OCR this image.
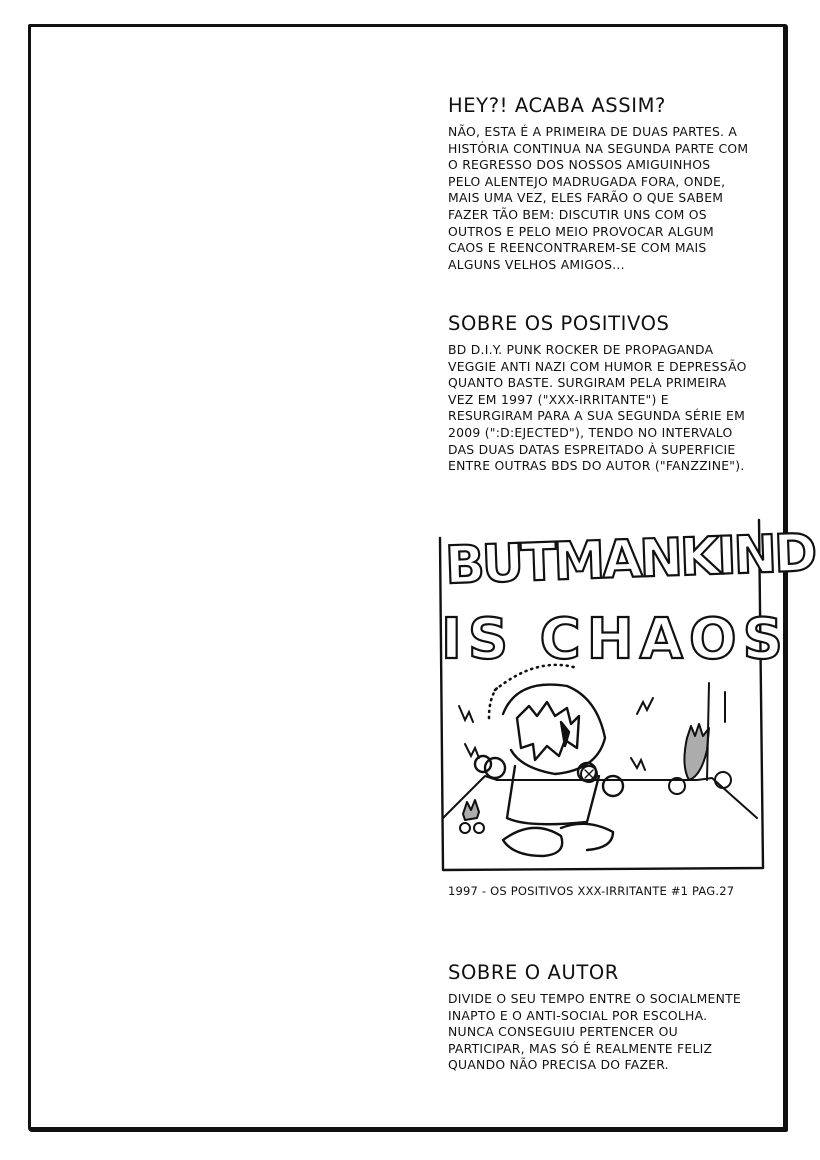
HEY?! ACABA ASSIM?

NÃO, ESTA É A PRIMEIRA DE DUAS PARTES. A
HISTÓRIA CONTINUA NA SEGUNDA PARTE COM
O REGRESSO DOS NOSSOS AMIGUINHOS
PELO ALENTEJO MADRUGADA FORA, ONDE,
MAIS UMA VEZ, ELES FARÃO O QUE SABEM
FAZER TÃO BEM: DISCUTIR UNS COM OS
OUTROS E PELO MEIO PROVOCAR ALGUM
CAOS E REENCONTRAREM-SE COM MAIS
ALGUNS VELHOS AMIGOS...

SOBRE OS POSITIVOS

BD D.I.Y. PUNK ROCKER DE PROPAGANDA
VEGGIE ANTI NAZI COM HUMOR E DEPRESSÃO
QUANTO BASTE. SURGIRAM PELA PRIMEIRA
VEZ EM 1997 ("XXX-IRRITANTE") E
RESURGIRAM PARA A SUA SEGUNDA SÉRIE EM
2009 (":D:EJECTED"), TENDO NO INTERVALO
DAS DUAS DATAS ESPREITADO À SUPERFICIE
ENTRE OUTRAS BDS DO AUTOR ("FANZZINE").

BUTMANKIND
IS CHAOS
1997 - OS POSITIVOS XXX-IRRITANTE #1 PAG.27
SOBRE O AUTOR

DIVIDE O SEU TEMPO ENTRE O SOCIALMENTE
INAPTO E O ANTI-SOCIAL POR ESCOLHA.
NUNCA CONSEGUIU PERTENCER OU
PARTICIPAR, MAS SÓ É REALMENTE FELIZ
QUANDO NÃO PRECISA DO FAZER.
